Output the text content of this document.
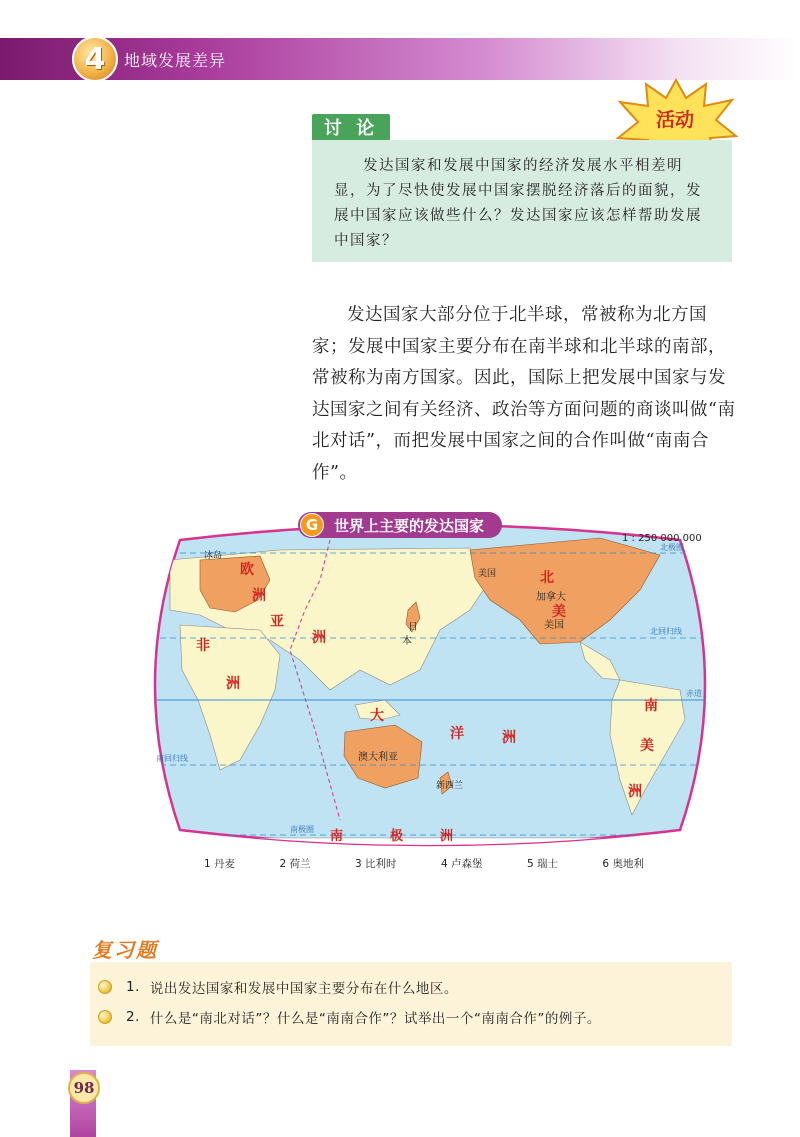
4	地域发展差异
活动
讨 论
发达国家和发展中国家的经济发展水平相差明显，为了尽快使发展中国家摆脱经济落后的面貌，发展中国家应该做些什么？发达国家应该怎样帮助发展中国家？

发达国家大部分位于北半球，常被称为北方国家；发展中国家主要分布在南半球和北半球的南部，常被称为南方国家。因此，国际上把发展中国家与发达国家之间有关经济、政治等方面问题的商谈叫做“南北对话”，而把发展中国家之间的合作叫做“南南合作”。

冰岛
欧
洲
亚
洲
非
洲
日
本
美国	北
加拿大
美
美国
南
美
洲
大
洋	洲
澳大利亚
新西兰
南	极	洲
北极圈
北回归线
赤道
南回归线
南极圈
世界上主要的发达国家
G
1 : 250 000 000
1 丹麦	2 荷兰	3 比利时	4 卢森堡	5 瑞士	6 奥地利
复习题
1. 说出发达国家和发展中国家主要分布在什么地区。
2. 什么是“南北对话”？什么是“南南合作”？试举出一个“南南合作”的例子。
98
